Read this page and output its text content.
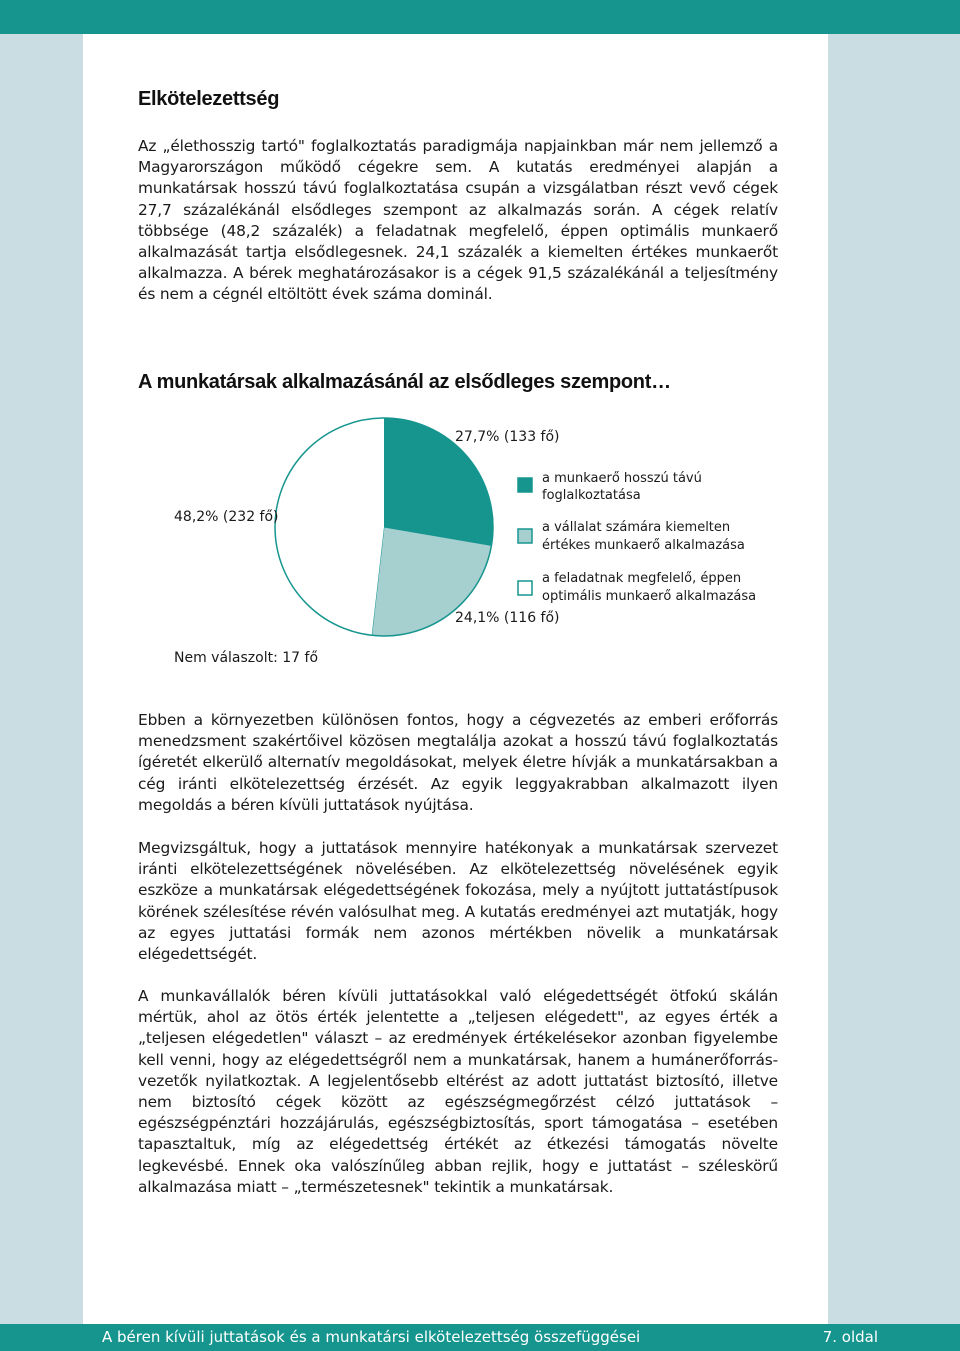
Elkötelezettség

Az „élethosszig tartó" foglalkoztatás paradigmája napjainkban már nem jellemző a Magyarországon működő cégekre sem. A kutatás eredményei alapján a munkatársak hosszú távú foglalkoztatása csupán a vizsgálatban részt vevő cégek 27,7 százalékánál elsődleges szempont az alkalmazás során. A cégek relatív többsége (48,2 százalék) a feladatnak megfelelő, éppen optimális munkaerő alkalmazását tartja elsődlegesnek. 24,1 százalék a kiemelten értékes munkaerőt alkalmazza. A bérek meghatározásakor is a cégek 91,5 százalékánál a teljesítmény és nem a cégnél eltöltött évek száma dominál.

A munkatársak alkalmazásánál az elsődleges szempont…
27,7% (133 fő)
24,1% (116 fő)
48,2% (232 fő)
a munkaerő hosszú távú
foglalkoztatása
a vállalat számára kiemelten
értékes munkaerő alkalmazása
a feladatnak megfelelő, éppen
optimális munkaerő alkalmazása
Nem válaszolt: 17 fő

Ebben a környezetben különösen fontos, hogy a cégvezetés az emberi erőforrás menedzsment szakértőivel közösen megtalálja azokat a hosszú távú foglalkoztatás ígéretét elkerülő alternatív megoldásokat, melyek életre hívják a munkatársakban a cég iránti elkötelezettség érzését. Az egyik leggyakrabban alkalmazott ilyen megoldás a béren kívüli juttatások nyújtása.

Megvizsgáltuk, hogy a juttatások mennyire hatékonyak a munkatársak szervezet iránti elkötelezettségének növelésében. Az elkötelezettség növelésének egyik eszköze a munkatársak elégedettségének fokozása, mely a nyújtott juttatástípusok körének szélesítése révén valósulhat meg. A kutatás eredményei azt mutatják, hogy az egyes juttatási formák nem azonos mértékben növelik a munkatársak elégedettségét.

A munkavállalók béren kívüli juttatásokkal való elégedettségét ötfokú skálán mértük, ahol az ötös érték jelentette a „teljesen elégedett", az egyes érték a „teljesen elégedetlen" választ – az eredmények értékelésekor azonban figyelembe kell venni, hogy az elégedettségről nem a munkatársak, hanem a humánerőforrás-vezetők nyilatkoztak. A legjelentősebb eltérést az adott juttatást biztosító, illetve nem biztosító cégek között az egészségmegőrzést célzó juttatások – egészségpénztári hozzájárulás, egészségbiztosítás, sport támogatása – esetében tapasztaltuk, míg az elégedettség értékét az étkezési támogatás növelte legkevésbé. Ennek oka valószínűleg abban rejlik, hogy e juttatást – széleskörű alkalmazása miatt – „természetesnek" tekintik a munkatársak.

A béren kívüli juttatások és a munkatársi elkötelezettség összefüggései	7. oldal
